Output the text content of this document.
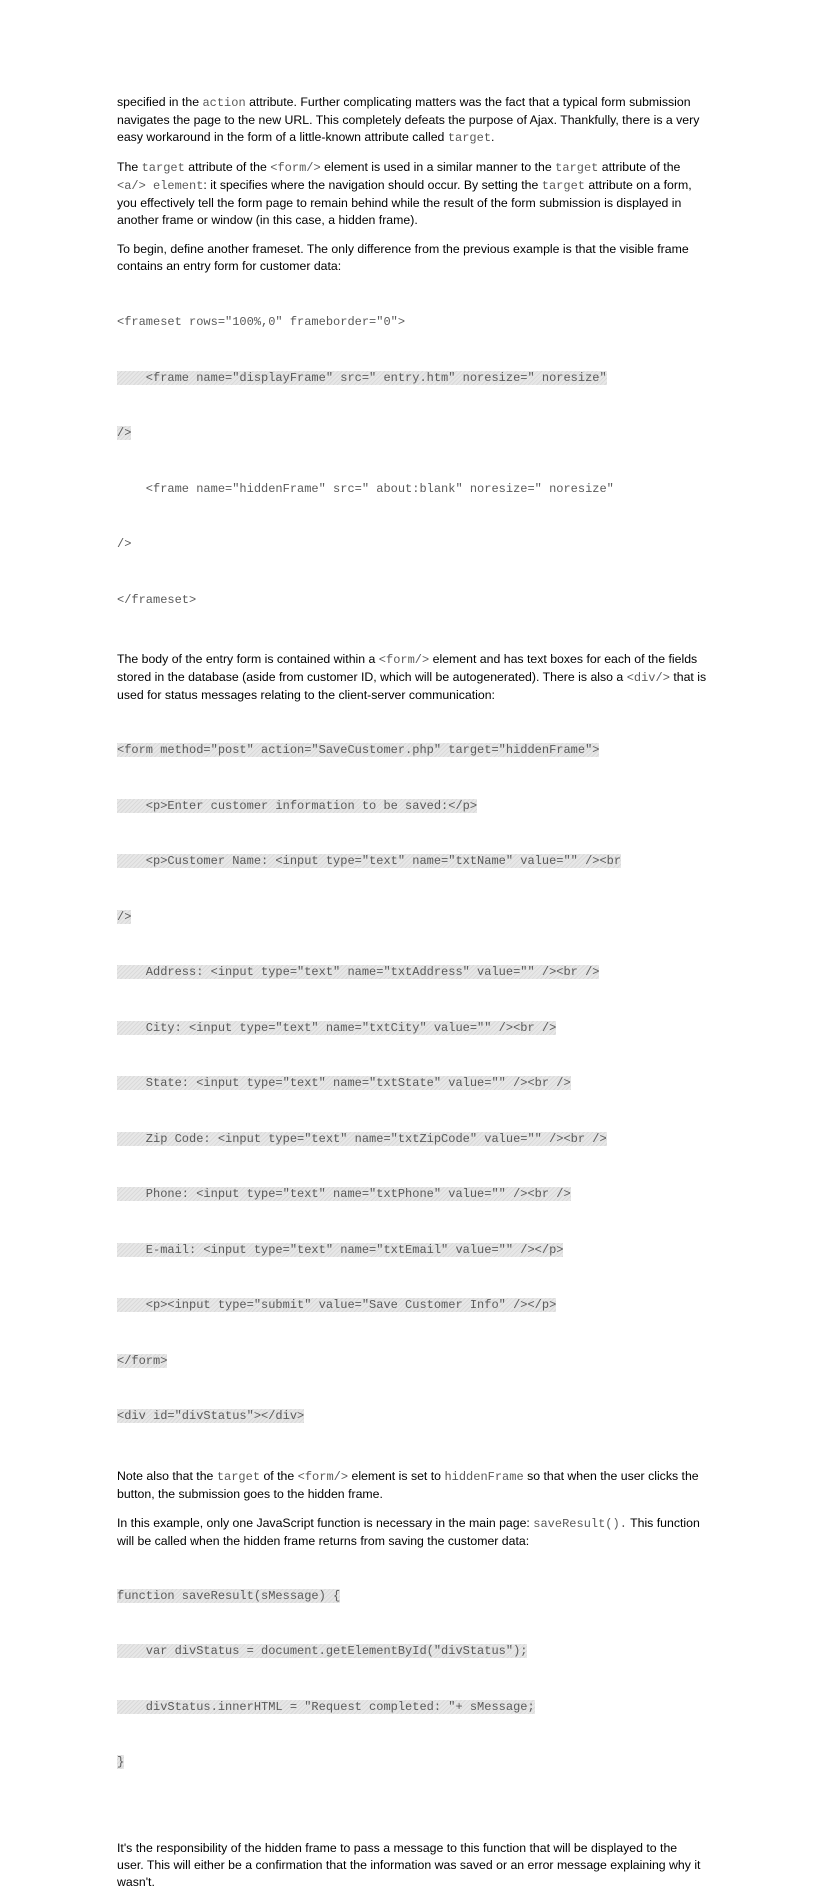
specified in the action attribute. Further complicating matters was the fact that a typical form submission navigates the page to the new URL. This completely defeats the purpose of Ajax. Thankfully, there is a very easy workaround in the form of a little-known attribute called target.

The target attribute of the <form/> element is used in a similar manner to the target attribute of the <a/> element: it specifies where the navigation should occur. By setting the target attribute on a form, you effectively tell the form page to remain behind while the result of the form submission is displayed in another frame or window (in this case, a hidden frame).

To begin, define another frameset. The only difference from the previous example is that the visible frame contains an entry form for customer data:

<frameset rows="100%,0" frameborder="0">

<frame name="displayFrame" src=" entry.htm" noresize=" noresize"

/>

<frame name="hiddenFrame" src=" about:blank" noresize=" noresize"

/>

</frameset>

The body of the entry form is contained within a <form/> element and has text boxes for each of the fields stored in the database (aside from customer ID, which will be autogenerated). There is also a <div/> that is used for status messages relating to the client-server communication:

<form method="post" action="SaveCustomer.php" target="hiddenFrame">

<p>Enter customer information to be saved:</p>

<p>Customer Name: <input type="text" name="txtName" value="" /><br

/>

Address: <input type="text" name="txtAddress" value="" /><br />

City: <input type="text" name="txtCity" value="" /><br />

State: <input type="text" name="txtState" value="" /><br />

Zip Code: <input type="text" name="txtZipCode" value="" /><br />

Phone: <input type="text" name="txtPhone" value="" /><br />

E-mail: <input type="text" name="txtEmail" value="" /></p>

<p><input type="submit" value="Save Customer Info" /></p>

</form>

<div id="divStatus"></div>

Note also that the target of the <form/> element is set to hiddenFrame so that when the user clicks the button, the submission goes to the hidden frame.

In this example, only one JavaScript function is necessary in the main page: saveResult(). This function will be called when the hidden frame returns from saving the customer data:

function saveResult(sMessage) {

var divStatus = document.getElementById("divStatus");

divStatus.innerHTML = "Request completed: "+ sMessage;

}

It's the responsibility of the hidden frame to pass a message to this function that will be displayed to the user. This will either be a confirmation that the information was saved or an error message explaining why it wasn't.
